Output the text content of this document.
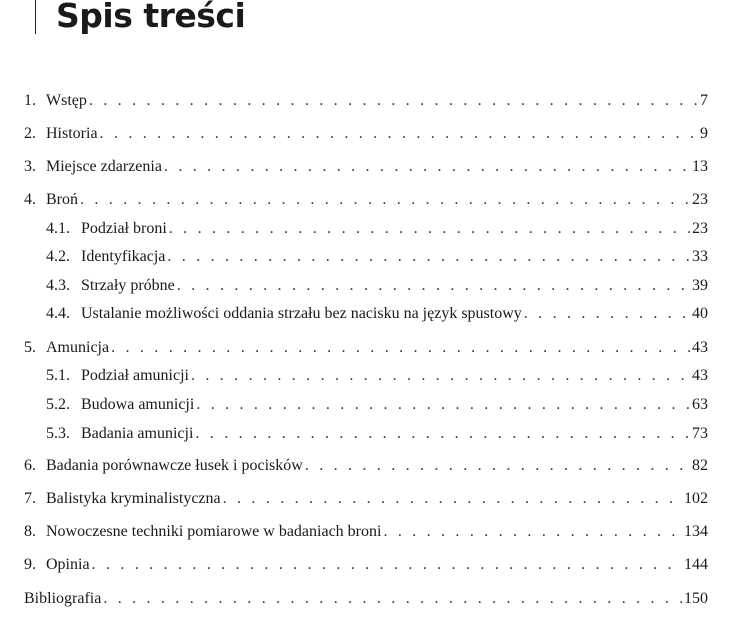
Spis treści
1. Wstęp . . .	7
2. Historia . . .	9
3. Miejsce zdarzenia . . .	13
4. Broń . . .	23
4.1. Podział broni . . .	23
4.2. Identyfikacja . . .	33
4.3. Strzały próbne . . .	39
4.4. Ustalanie możliwości oddania strzału bez nacisku na język spustowy . . .	40
5. Amunicja . . .	43
5.1. Podział amunicji . . .	43
5.2. Budowa amunicji . . .	63
5.3. Badania amunicji . . .	73
6. Badania porównawcze łusek i pocisków . . .	82
7. Balistyka kryminalistyczna . . .	102
8. Nowoczesne techniki pomiarowe w badaniach broni . . .	134
9. Opinia . . .	144
Bibliografia . . .	150
